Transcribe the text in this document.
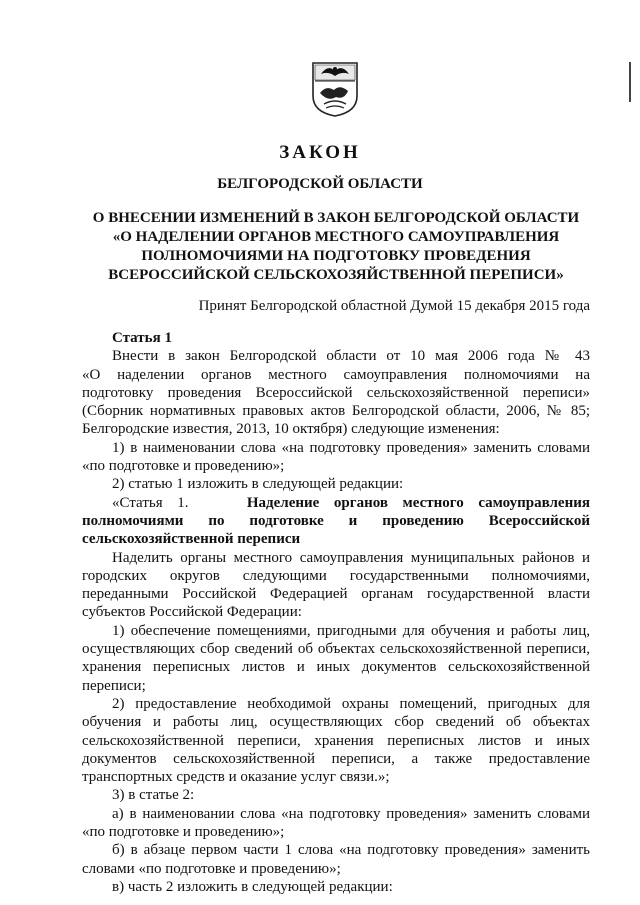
ЗАКОН
БЕЛГОРОДСКОЙ ОБЛАСТИ
О ВНЕСЕНИИ ИЗМЕНЕНИЙ В ЗАКОН БЕЛГОРОДСКОЙ ОБЛАСТИ
«О НАДЕЛЕНИИ ОРГАНОВ МЕСТНОГО САМОУПРАВЛЕНИЯ
ПОЛНОМОЧИЯМИ НА ПОДГОТОВКУ ПРОВЕДЕНИЯ
ВСЕРОССИЙСКОЙ СЕЛЬСКОХОЗЯЙСТВЕННОЙ ПЕРЕПИСИ»
Принят Белгородской областной Думой 15 декабря 2015 года
Статья 1
Внести в закон Белгородской области от 10 мая 2006 года № 43
«О наделении органов местного самоуправления полномочиями на
подготовку проведения Всероссийской сельскохозяйственной переписи»
(Сборник нормативных правовых актов Белгородской области, 2006, № 85;
Белгородские известия, 2013, 10 октября) следующие изменения:
1) в наименовании слова «на подготовку проведения» заменить словами
«по подготовке и проведению»;
2) статью 1 изложить в следующей редакции:
«Статья 1.	Наделение органов местного самоуправления
полномочиями по подготовке и проведению Всероссийской
сельскохозяйственной переписи
Наделить органы местного самоуправления муниципальных районов и
городских округов следующими государственными полномочиями,
переданными Российской Федерацией органам государственной власти
субъектов Российской Федерации:
1) обеспечение помещениями, пригодными для обучения и работы лиц,
осуществляющих сбор сведений об объектах сельскохозяйственной переписи,
хранения переписных листов и иных документов сельскохозяйственной
переписи;
2) предоставление необходимой охраны помещений, пригодных для
обучения и работы лиц, осуществляющих сбор сведений об объектах
сельскохозяйственной переписи, хранения переписных листов и иных
документов сельскохозяйственной переписи, а также предоставление
транспортных средств и оказание услуг связи.»;
3) в статье 2:
а) в наименовании слова «на подготовку проведения» заменить словами
«по подготовке и проведению»;
б) в абзаце первом части 1 слова «на подготовку проведения» заменить
словами «по подготовке и проведению»;
в) часть 2 изложить в следующей редакции:
